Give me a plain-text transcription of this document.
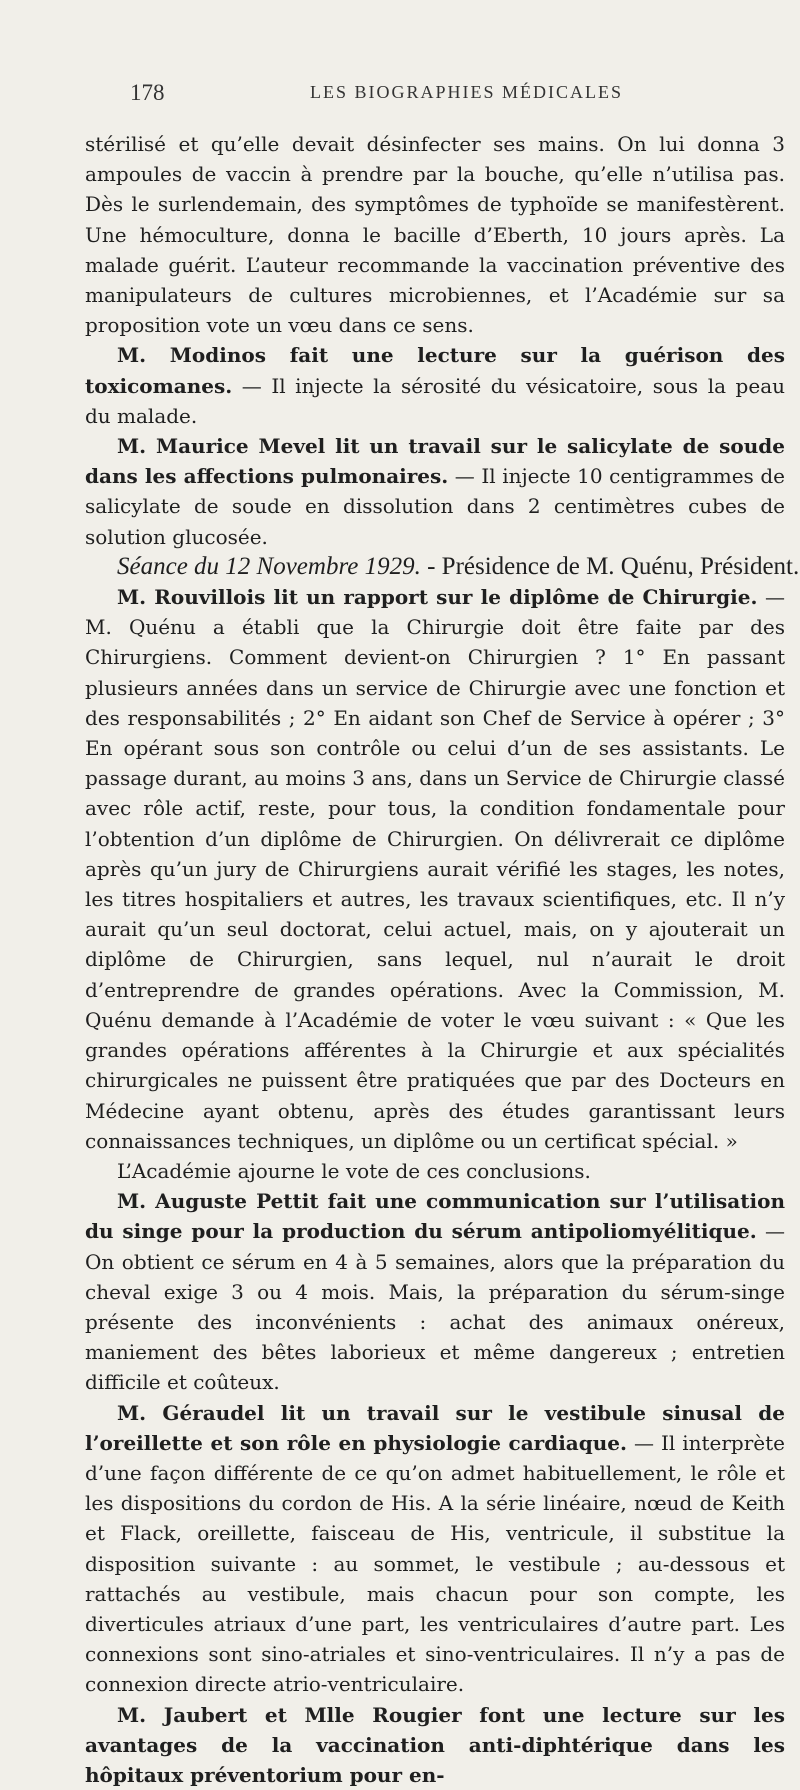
178	LES BIOGRAPHIES MÉDICALES

stérilisé et qu’elle devait désinfecter ses mains. On lui donna 3 ampoules de vaccin à prendre par la bouche, qu’elle n’utilisa pas. Dès le surlendemain, des symptômes de typhoïde se manifestèrent. Une hémoculture, donna le bacille d’Eberth, 10 jours après. La malade guérit. L’auteur recommande la vaccination préventive des manipulateurs de cultures microbiennes, et l’Académie sur sa proposition vote un vœu dans ce sens.

M. Modinos fait une lecture sur la guérison des toxicomanes. — Il injecte la sérosité du vésicatoire, sous la peau du malade.

M. Maurice Mevel lit un travail sur le salicylate de soude dans les affections pulmonaires. — Il injecte 10 centigrammes de salicylate de soude en dissolution dans 2 centimètres cubes de solution glucosée.

Séance du 12 Novembre 1929. - Présidence de M. Quénu, Président.

M. Rouvillois lit un rapport sur le diplôme de Chirurgie. — M. Quénu a établi que la Chirurgie doit être faite par des Chirurgiens. Comment devient-on Chirurgien ? 1° En passant plusieurs années dans un service de Chirurgie avec une fonction et des responsabilités ; 2° En aidant son Chef de Service à opérer ; 3° En opérant sous son contrôle ou celui d’un de ses assistants. Le passage durant, au moins 3 ans, dans un Service de Chirurgie classé avec rôle actif, reste, pour tous, la condition fondamentale pour l’obtention d’un diplôme de Chirurgien. On délivrerait ce diplôme après qu’un jury de Chirurgiens aurait vérifié les stages, les notes, les titres hospitaliers et autres, les travaux scientifiques, etc. Il n’y aurait qu’un seul doctorat, celui actuel, mais, on y ajouterait un diplôme de Chirurgien, sans lequel, nul n’aurait le droit d’entreprendre de grandes opérations. Avec la Commission, M. Quénu demande à l’Académie de voter le vœu suivant : « Que les grandes opérations afférentes à la Chirurgie et aux spécialités chirurgicales ne puissent être pratiquées que par des Docteurs en Médecine ayant obtenu, après des études garantissant leurs connaissances techniques, un diplôme ou un certificat spécial. »

L’Académie ajourne le vote de ces conclusions.

M. Auguste Pettit fait une communication sur l’utilisation du singe pour la production du sérum antipoliomyélitique. — On obtient ce sérum en 4 à 5 semaines, alors que la préparation du cheval exige 3 ou 4 mois. Mais, la préparation du sérum-singe présente des inconvénients : achat des animaux onéreux, maniement des bêtes laborieux et même dangereux ; entretien difficile et coûteux.

M. Géraudel lit un travail sur le vestibule sinusal de l’oreillette et son rôle en physiologie cardiaque. — Il interprète d’une façon différente de ce qu’on admet habituellement, le rôle et les dispositions du cordon de His. A la série linéaire, nœud de Keith et Flack, oreillette, faisceau de His, ventricule, il substitue la disposition suivante : au sommet, le vestibule ; au-dessous et rattachés au vestibule, mais chacun pour son compte, les diverticules atriaux d’une part, les ventriculaires d’autre part. Les connexions sont sino-atriales et sino-ventriculaires. Il n’y a pas de connexion directe atrio-ventriculaire.

M. Jaubert et Mlle Rougier font une lecture sur les avantages de la vaccination anti-diphtérique dans les hôpitaux préventorium pour en-
